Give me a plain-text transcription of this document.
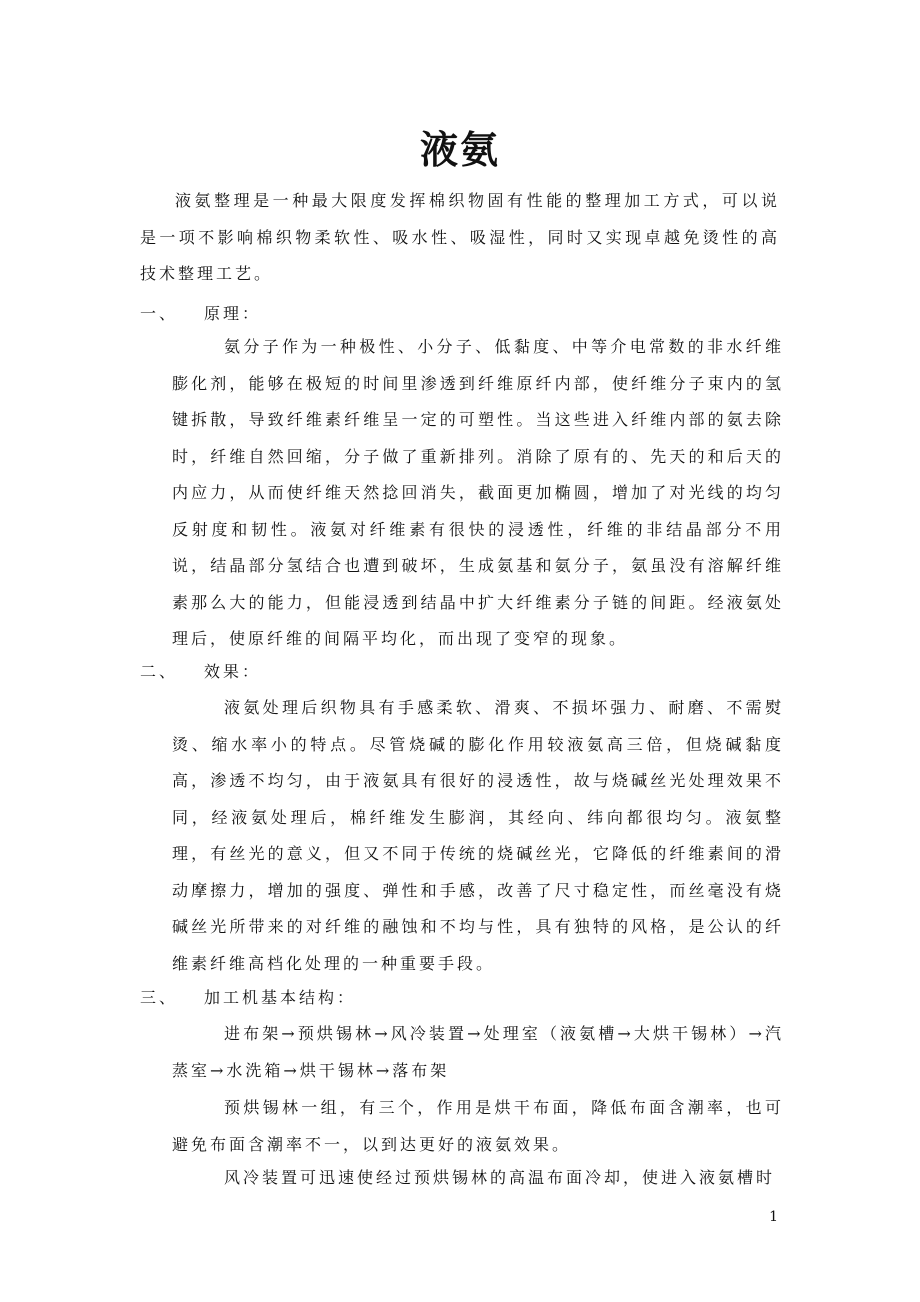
液氨

液氨整理是一种最大限度发挥棉织物固有性能的整理加工方式，可以说是一项不影响棉织物柔软性、吸水性、吸湿性，同时又实现卓越免烫性的高技术整理工艺。

一、 原理：

氨分子作为一种极性、小分子、低黏度、中等介电常数的非水纤维膨化剂，能够在极短的时间里渗透到纤维原纤内部，使纤维分子束内的氢键拆散，导致纤维素纤维呈一定的可塑性。当这些进入纤维内部的氨去除时，纤维自然回缩，分子做了重新排列。消除了原有的、先天的和后天的内应力，从而使纤维天然捻回消失，截面更加椭圆，增加了对光线的均匀反射度和韧性。液氨对纤维素有很快的浸透性，纤维的非结晶部分不用说，结晶部分氢结合也遭到破坏，生成氨基和氨分子，氨虽没有溶解纤维素那么大的能力，但能浸透到结晶中扩大纤维素分子链的间距。经液氨处理后，使原纤维的间隔平均化，而出现了变窄的现象。

二、 效果：

液氨处理后织物具有手感柔软、滑爽、不损坏强力、耐磨、不需熨烫、缩水率小的特点。尽管烧碱的膨化作用较液氨高三倍，但烧碱黏度高，渗透不均匀，由于液氨具有很好的浸透性，故与烧碱丝光处理效果不同，经液氨处理后，棉纤维发生膨润，其经向、纬向都很均匀。液氨整理，有丝光的意义，但又不同于传统的烧碱丝光，它降低的纤维素间的滑动摩擦力，增加的强度、弹性和手感，改善了尺寸稳定性，而丝毫没有烧碱丝光所带来的对纤维的融蚀和不均与性，具有独特的风格，是公认的纤维素纤维高档化处理的一种重要手段。

三、 加工机基本结构：

进布架→预烘锡林→风冷装置→处理室（液氨槽→大烘干锡林）→汽蒸室→水洗箱→烘干锡林→落布架

预烘锡林一组，有三个，作用是烘干布面，降低布面含潮率，也可避免布面含潮率不一，以到达更好的液氨效果。

风冷装置可迅速使经过预烘锡林的高温布面冷却，使进入液氨槽时

1
